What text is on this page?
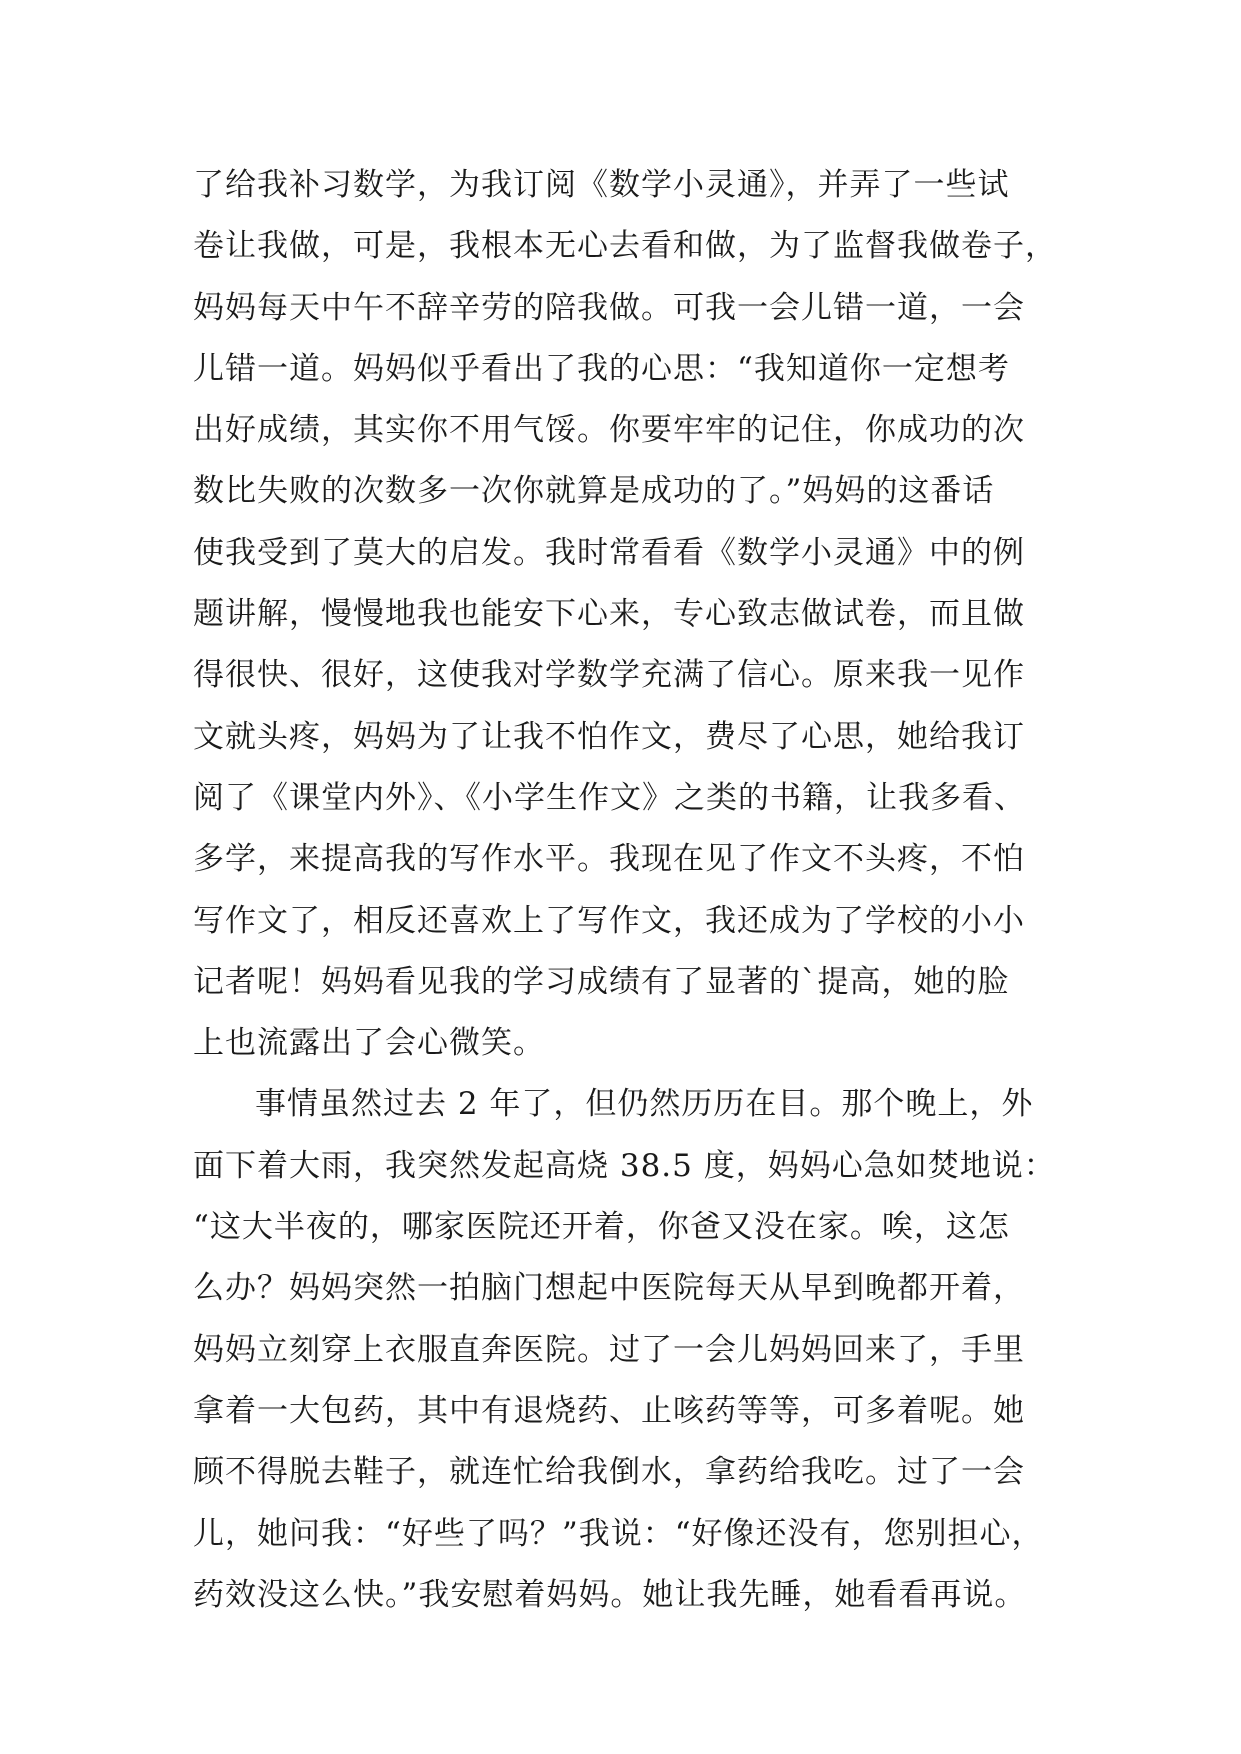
了给我补习数学，为我订阅《数学小灵通》，并弄了一些试
卷让我做，可是，我根本无心去看和做，为了监督我做卷子，
妈妈每天中午不辞辛劳的陪我做。可我一会儿错一道，一会
儿错一道。妈妈似乎看出了我的心思：“我知道你一定想考
出好成绩，其实你不用气馁。你要牢牢的记住，你成功的次
数比失败的次数多一次你就算是成功的了。”妈妈的这番话
使我受到了莫大的启发。我时常看看《数学小灵通》中的例
题讲解，慢慢地我也能安下心来，专心致志做试卷，而且做
得很快、很好，这使我对学数学充满了信心。原来我一见作
文就头疼，妈妈为了让我不怕作文，费尽了心思，她给我订
阅了《课堂内外》、《小学生作文》之类的书籍，让我多看、
多学，来提高我的写作水平。我现在见了作文不头疼，不怕
写作文了，相反还喜欢上了写作文，我还成为了学校的小小
记者呢！妈妈看见我的学习成绩有了显著的`提高，她的脸
上也流露出了会心微笑。
事情虽然过去 2 年了，但仍然历历在目。那个晚上，外
面下着大雨，我突然发起高烧 38.5 度，妈妈心急如焚地说：
“这大半夜的，哪家医院还开着，你爸又没在家。唉，这怎
么办？妈妈突然一拍脑门想起中医院每天从早到晚都开着，
妈妈立刻穿上衣服直奔医院。过了一会儿妈妈回来了，手里
拿着一大包药，其中有退烧药、止咳药等等，可多着呢。她
顾不得脱去鞋子，就连忙给我倒水，拿药给我吃。过了一会
儿，她问我：“好些了吗？”我说：“好像还没有，您别担心，
药效没这么快。”我安慰着妈妈。她让我先睡，她看看再说。
